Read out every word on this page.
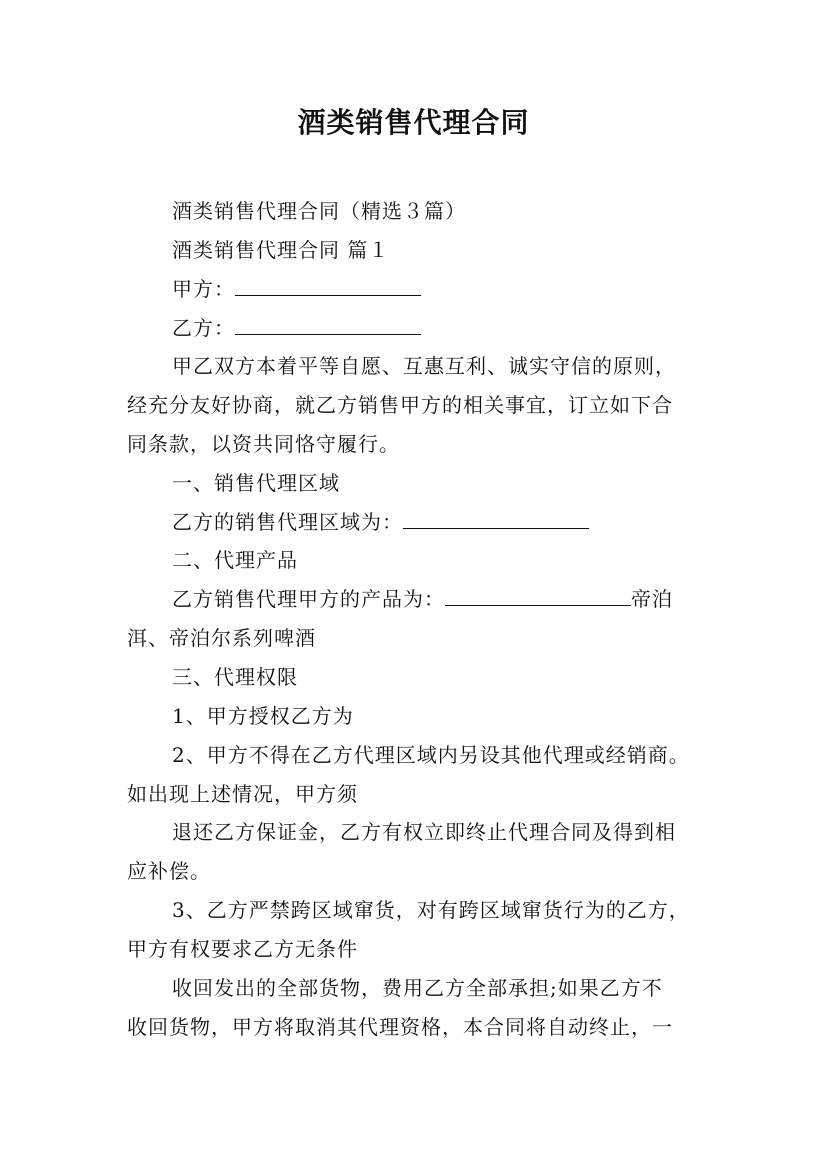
酒类销售代理合同
酒类销售代理合同（精选３篇）
酒类销售代理合同 篇１
甲方：
乙方：
甲乙双方本着平等自愿、互惠互利、诚实守信的原则，
经充分友好协商，就乙方销售甲方的相关事宜，订立如下合
同条款，以资共同恪守履行。
一、销售代理区域
乙方的销售代理区域为：
二、代理产品
乙方销售代理甲方的产品为：	帝泊
洱、帝泊尔系列啤酒
三、代理权限
1、甲方授权乙方为
2、甲方不得在乙方代理区域内另设其他代理或经销商。
如出现上述情况，甲方须
退还乙方保证金，乙方有权立即终止代理合同及得到相
应补偿。
3、乙方严禁跨区域窜货，对有跨区域窜货行为的乙方，
甲方有权要求乙方无条件
收回发出的全部货物，费用乙方全部承担;如果乙方不
收回货物，甲方将取消其代理资格，本合同将自动终止，一
